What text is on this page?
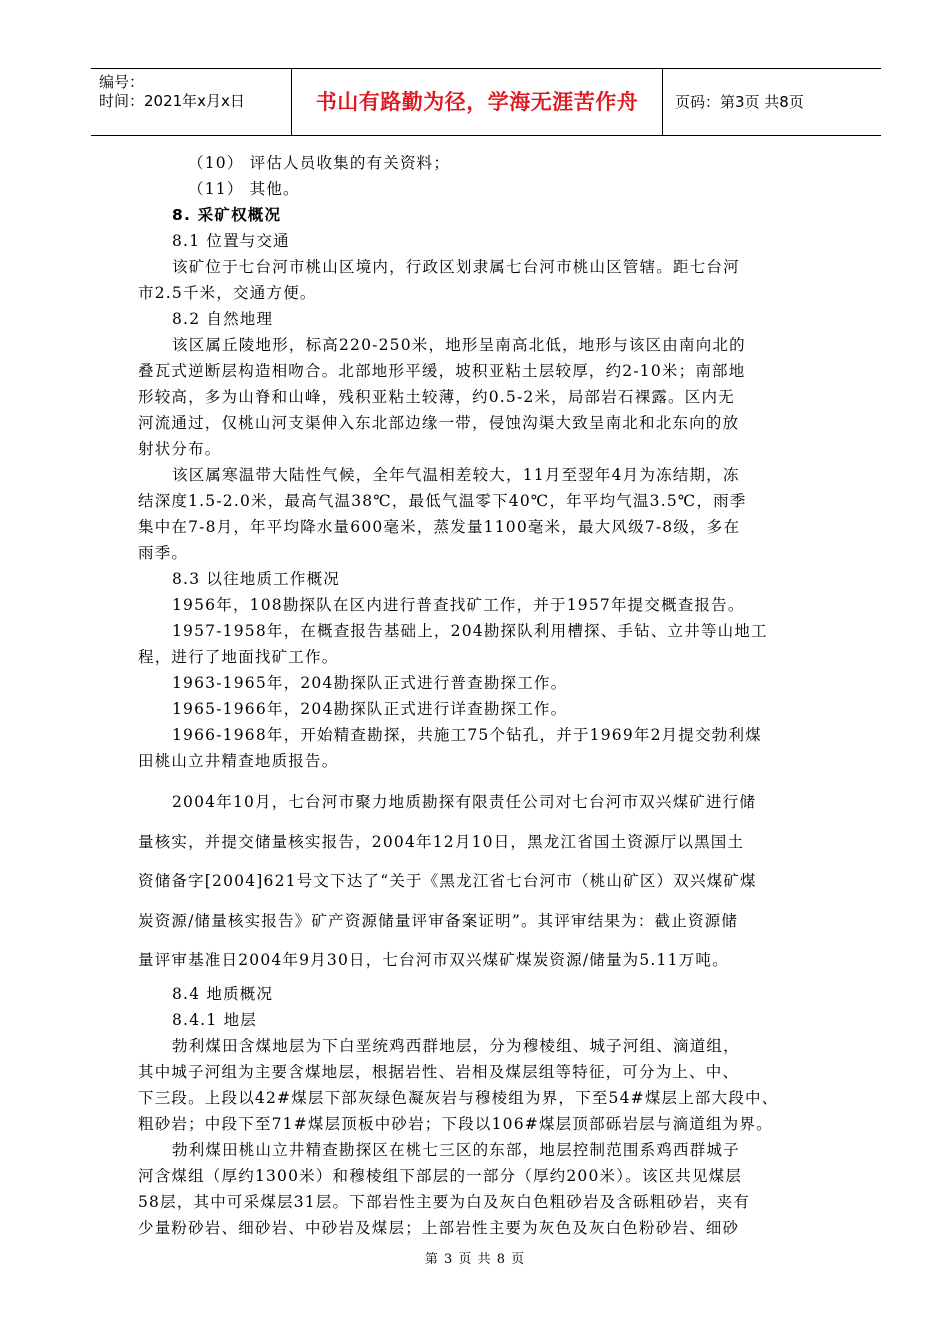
编号：
时间：2021年x月x日	书山有路勤为径，学海无涯苦作舟	页码：第3页 共8页
（10） 评估人员收集的有关资料；
（11） 其他。
8. 采矿权概况
8.1 位置与交通
该矿位于七台河市桃山区境内，行政区划隶属七台河市桃山区管辖。距七台河
市2.5千米，交通方便。
8.2 自然地理
该区属丘陵地形，标高220-250米，地形呈南高北低，地形与该区由南向北的
叠瓦式逆断层构造相吻合。北部地形平缓，坡积亚粘土层较厚，约2-10米；南部地
形较高，多为山脊和山峰，残积亚粘土较薄，约0.5-2米，局部岩石裸露。区内无
河流通过，仅桃山河支渠伸入东北部边缘一带，侵蚀沟渠大致呈南北和北东向的放
射状分布。
该区属寒温带大陆性气候，全年气温相差较大，11月至翌年4月为冻结期，冻
结深度1.5-2.0米，最高气温38℃，最低气温零下40℃，年平均气温3.5℃，雨季
集中在7-8月，年平均降水量600毫米，蒸发量1100毫米，最大风级7-8级，多在
雨季。
8.3 以往地质工作概况
1956年，108勘探队在区内进行普查找矿工作，并于1957年提交概查报告。
1957-1958年，在概查报告基础上，204勘探队利用槽探、手钻、立井等山地工
程，进行了地面找矿工作。
1963-1965年，204勘探队正式进行普查勘探工作。
1965-1966年，204勘探队正式进行详查勘探工作。
1966-1968年，开始精查勘探，共施工75个钻孔，并于1969年2月提交勃利煤
田桃山立井精查地质报告。
2004年10月，七台河市聚力地质勘探有限责任公司对七台河市双兴煤矿进行储
量核实，并提交储量核实报告，2004年12月10日，黑龙江省国土资源厅以黑国土
资储备字[2004]621号文下达了“关于《黑龙江省七台河市（桃山矿区）双兴煤矿煤
炭资源/储量核实报告》矿产资源储量评审备案证明”。其评审结果为：截止资源储
量评审基准日2004年9月30日，七台河市双兴煤矿煤炭资源/储量为5.11万吨。
8.4 地质概况
8.4.1 地层
勃利煤田含煤地层为下白垩统鸡西群地层，分为穆棱组、城子河组、滴道组，
其中城子河组为主要含煤地层，根据岩性、岩相及煤层组等特征，可分为上、中、
下三段。上段以42#煤层下部灰绿色凝灰岩与穆棱组为界，下至54#煤层上部大段中、
粗砂岩；中段下至71#煤层顶板中砂岩；下段以106#煤层顶部砾岩层与滴道组为界。
勃利煤田桃山立井精查勘探区在桃七三区的东部，地层控制范围系鸡西群城子
河含煤组（厚约1300米）和穆棱组下部层的一部分（厚约200米）。该区共见煤层
58层，其中可采煤层31层。下部岩性主要为白及灰白色粗砂岩及含砾粗砂岩，夹有
少量粉砂岩、细砂岩、中砂岩及煤层；上部岩性主要为灰色及灰白色粉砂岩、细砂
第 3 页 共 8 页
